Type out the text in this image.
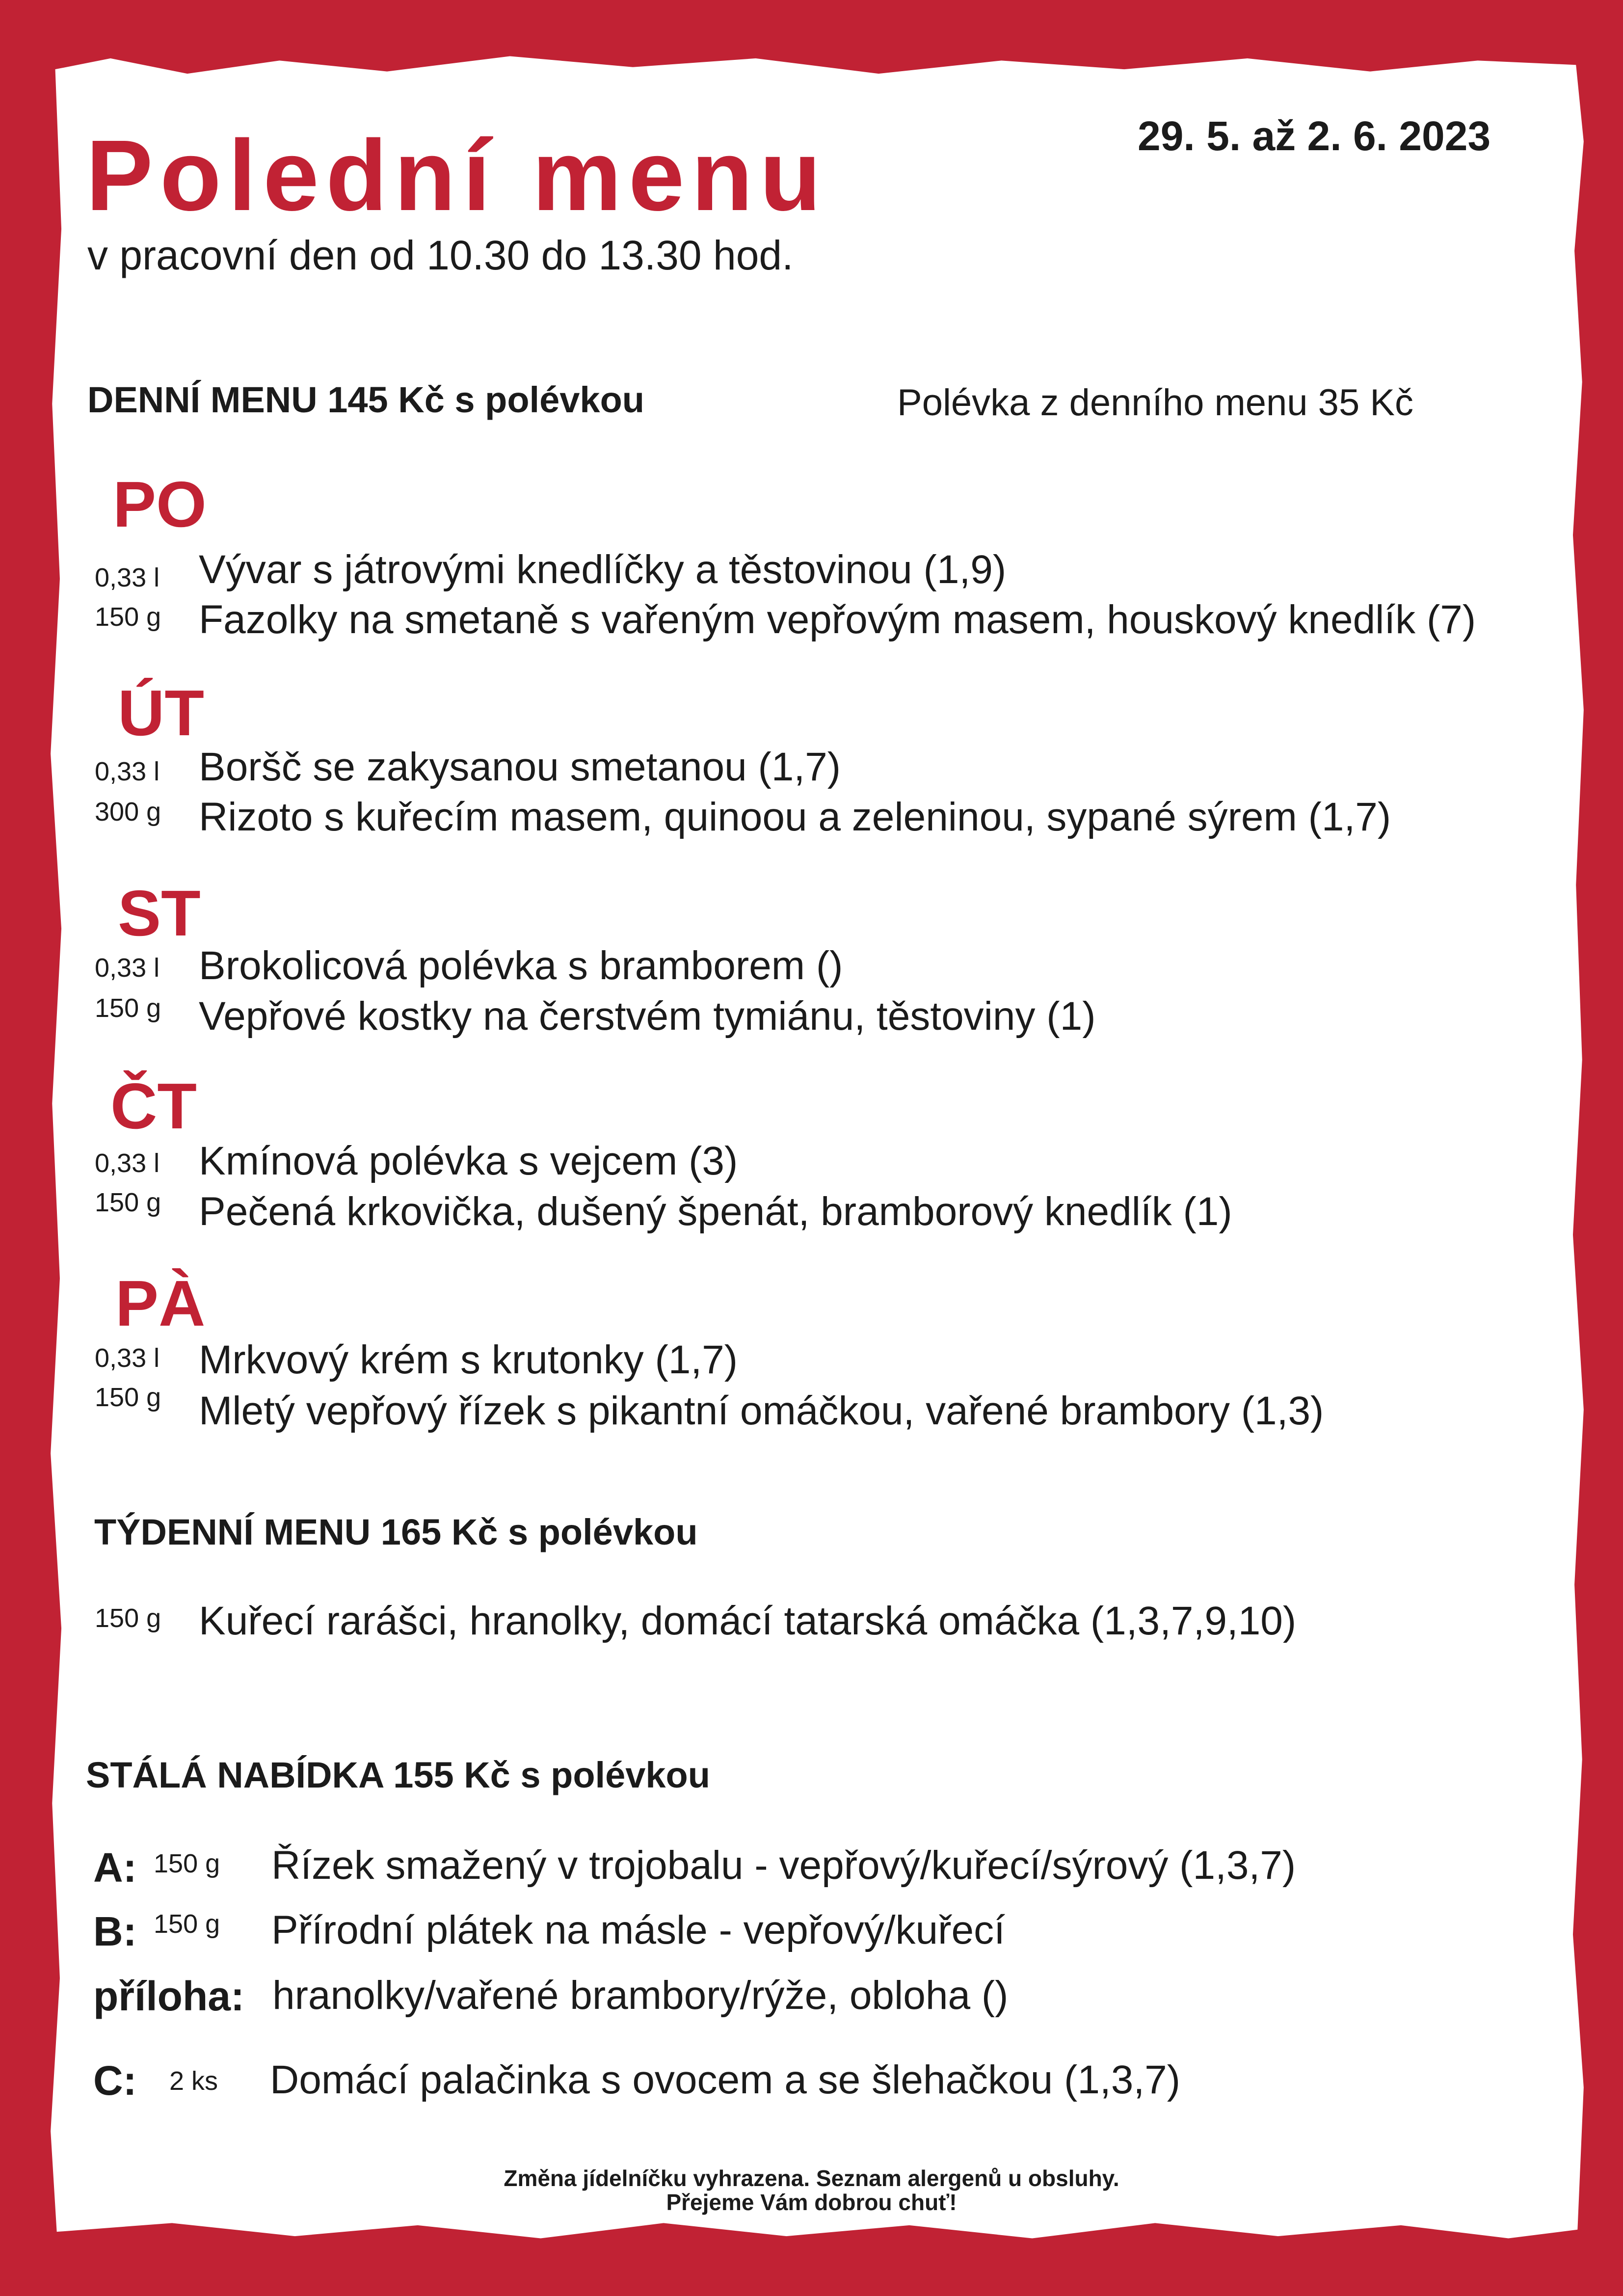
Polední menu
v pracovní den od 10.30 do 13.30 hod.
29. 5. až 2. 6. 2023
DENNÍ MENU 145 Kč s polévkou	Polévka z denního menu 35 Kč
PO
0,33 l Vývar s játrovými knedlíčky a těstovinou (1,9)
150 g Fazolky na smetaně s vařeným vepřovým masem, houskový knedlík (7)
ÚT
0,33 l Boršč se zakysanou smetanou (1,7)
300 g Rizoto s kuřecím masem, quinoou a zeleninou, sypané sýrem (1,7)
ST
0,33 l Brokolicová polévka s bramborem ()
150 g Vepřové kostky na čerstvém tymiánu, těstoviny (1)
ČT
0,33 l Kmínová polévka s vejcem (3)
150 g Pečená krkovička, dušený špenát, bramborový knedlík (1)
PÀ
0,33 l Mrkvový krém s krutonky (1,7)
150 g Mletý vepřový řízek s pikantní omáčkou, vařené brambory (1,3)
TÝDENNÍ MENU 165 Kč s polévkou
150 g Kuřecí rarášci, hranolky, domácí tatarská omáčka (1,3,7,9,10)
STÁLÁ NABÍDKA 155 Kč s polévkou
A: 150 g Řízek smažený v trojobalu - vepřový/kuřecí/sýrový (1,3,7)
B: 150 g Přírodní plátek na másle - vepřový/kuřecí
příloha: hranolky/vařené brambory/rýže, obloha ()
C: 2 ks Domácí palačinka s ovocem a se šlehačkou (1,3,7)
Změna jídelníčku vyhrazena. Seznam alergenů u obsluhy.
Přejeme Vám dobrou chuť!
